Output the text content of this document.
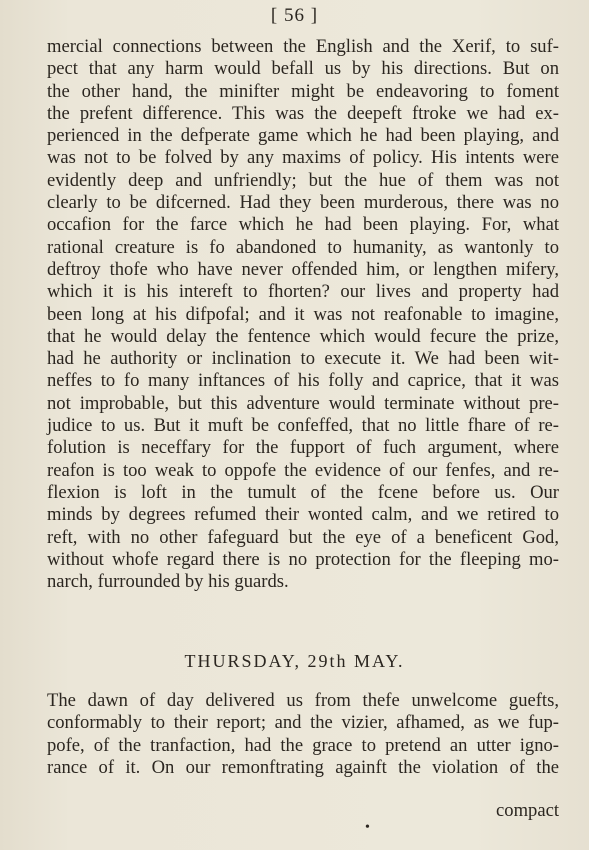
[ 56 ]
mercial connections between the English and the Xerif, to suf-
pect that any harm would befall us by his directions. But on
the other hand, the minifter might be endeavoring to foment
the prefent difference. This was the deepeft ftroke we had ex-
perienced in the defperate game which he had been playing, and
was not to be folved by any maxims of policy. His intents were
evidently deep and unfriendly; but the hue of them was not
clearly to be difcerned. Had they been murderous, there was no
occafion for the farce which he had been playing. For, what
rational creature is fo abandoned to humanity, as wantonly to
deftroy thofe who have never offended him, or lengthen mifery,
which it is his intereft to fhorten? our lives and property had
been long at his difpofal; and it was not reafonable to imagine,
that he would delay the fentence which would fecure the prize,
had he authority or inclination to execute it. We had been wit-
neffes to fo many inftances of his folly and caprice, that it was
not improbable, but this adventure would terminate without pre-
judice to us. But it muft be confeffed, that no little fhare of re-
folution is neceffary for the fupport of fuch argument, where
reafon is too weak to oppofe the evidence of our fenfes, and re-
flexion is loft in the tumult of the fcene before us. Our
minds by degrees refumed their wonted calm, and we retired to
reft, with no other fafeguard but the eye of a beneficent God,
without whofe regard there is no protection for the fleeping mo-
narch, furrounded by his guards.
THURSDAY, 29th MAY.
The dawn of day delivered us from thefe unwelcome guefts,
conformably to their report; and the vizier, afhamed, as we fup-
pofe, of the tranfaction, had the grace to pretend an utter igno-
rance of it. On our remonftrating againft the violation of the
compact
•
